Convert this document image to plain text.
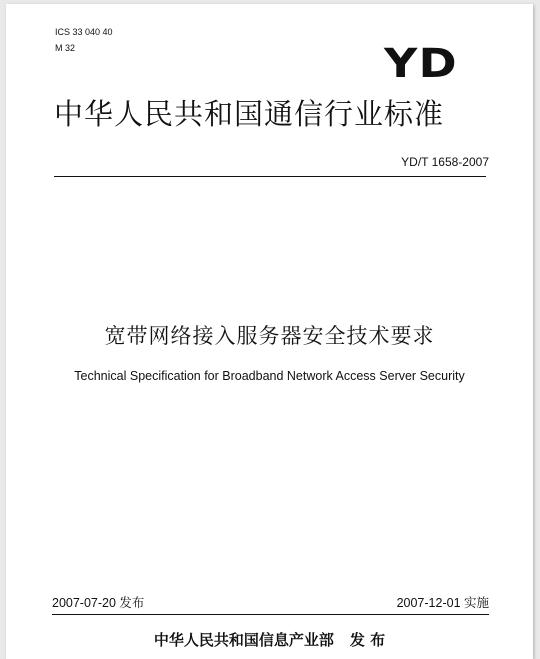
ICS 33 040 40
M 32	YD
中华人民共和国通信行业标准
YD/T 1658-2007
宽带网络接入服务器安全技术要求
Technical Specification for Broadband Network Access Server Security
2007-07-20 发布	2007-12-01 实施
中华人民共和国信息产业部 发 布
